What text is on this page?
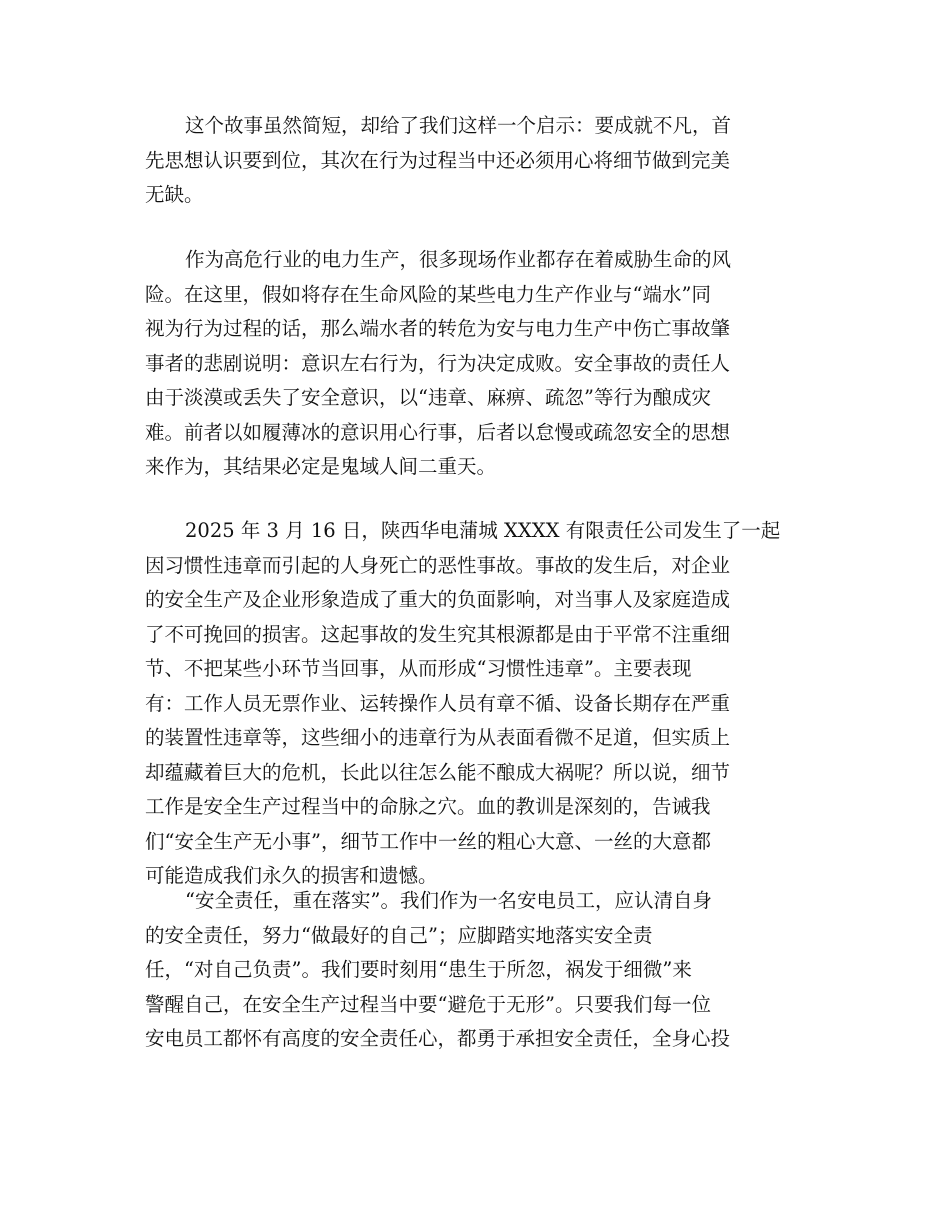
这个故事虽然简短，却给了我们这样一个启示：要成就不凡，首

先思想认识要到位，其次在行为过程当中还必须用心将细节做到完美

无缺。

作为高危行业的电力生产，很多现场作业都存在着威胁生命的风

险。在这里，假如将存在生命风险的某些电力生产作业与“端水”同

视为行为过程的话，那么端水者的转危为安与电力生产中伤亡事故肇

事者的悲剧说明：意识左右行为，行为决定成败。安全事故的责任人

由于淡漠或丢失了安全意识，以“违章、麻痹、疏忽”等行为酿成灾

难。前者以如履薄冰的意识用心行事，后者以怠慢或疏忽安全的思想

来作为，其结果必定是鬼域人间二重天。

2025 年 3 月 16 日，陕西华电蒲城 XXXX 有限责任公司发生了一起

因习惯性违章而引起的人身死亡的恶性事故。事故的发生后，对企业

的安全生产及企业形象造成了重大的负面影响，对当事人及家庭造成

了不可挽回的损害。这起事故的发生究其根源都是由于平常不注重细

节、不把某些小环节当回事，从而形成“习惯性违章”。主要表现

有：工作人员无票作业、运转操作人员有章不循、设备长期存在严重

的装置性违章等，这些细小的违章行为从表面看微不足道，但实质上

却蕴藏着巨大的危机，长此以往怎么能不酿成大祸呢？所以说，细节

工作是安全生产过程当中的命脉之穴。血的教训是深刻的，告诫我

们“安全生产无小事”，细节工作中一丝的粗心大意、一丝的大意都

可能造成我们永久的损害和遗憾。

“安全责任，重在落实”。我们作为一名安电员工，应认清自身

的安全责任，努力“做最好的自己”；应脚踏实地落实安全责

任，“对自己负责”。我们要时刻用“患生于所忽，祸发于细微”来

警醒自己，在安全生产过程当中要“避危于无形”。只要我们每一位

安电员工都怀有高度的安全责任心，都勇于承担安全责任，全身心投
